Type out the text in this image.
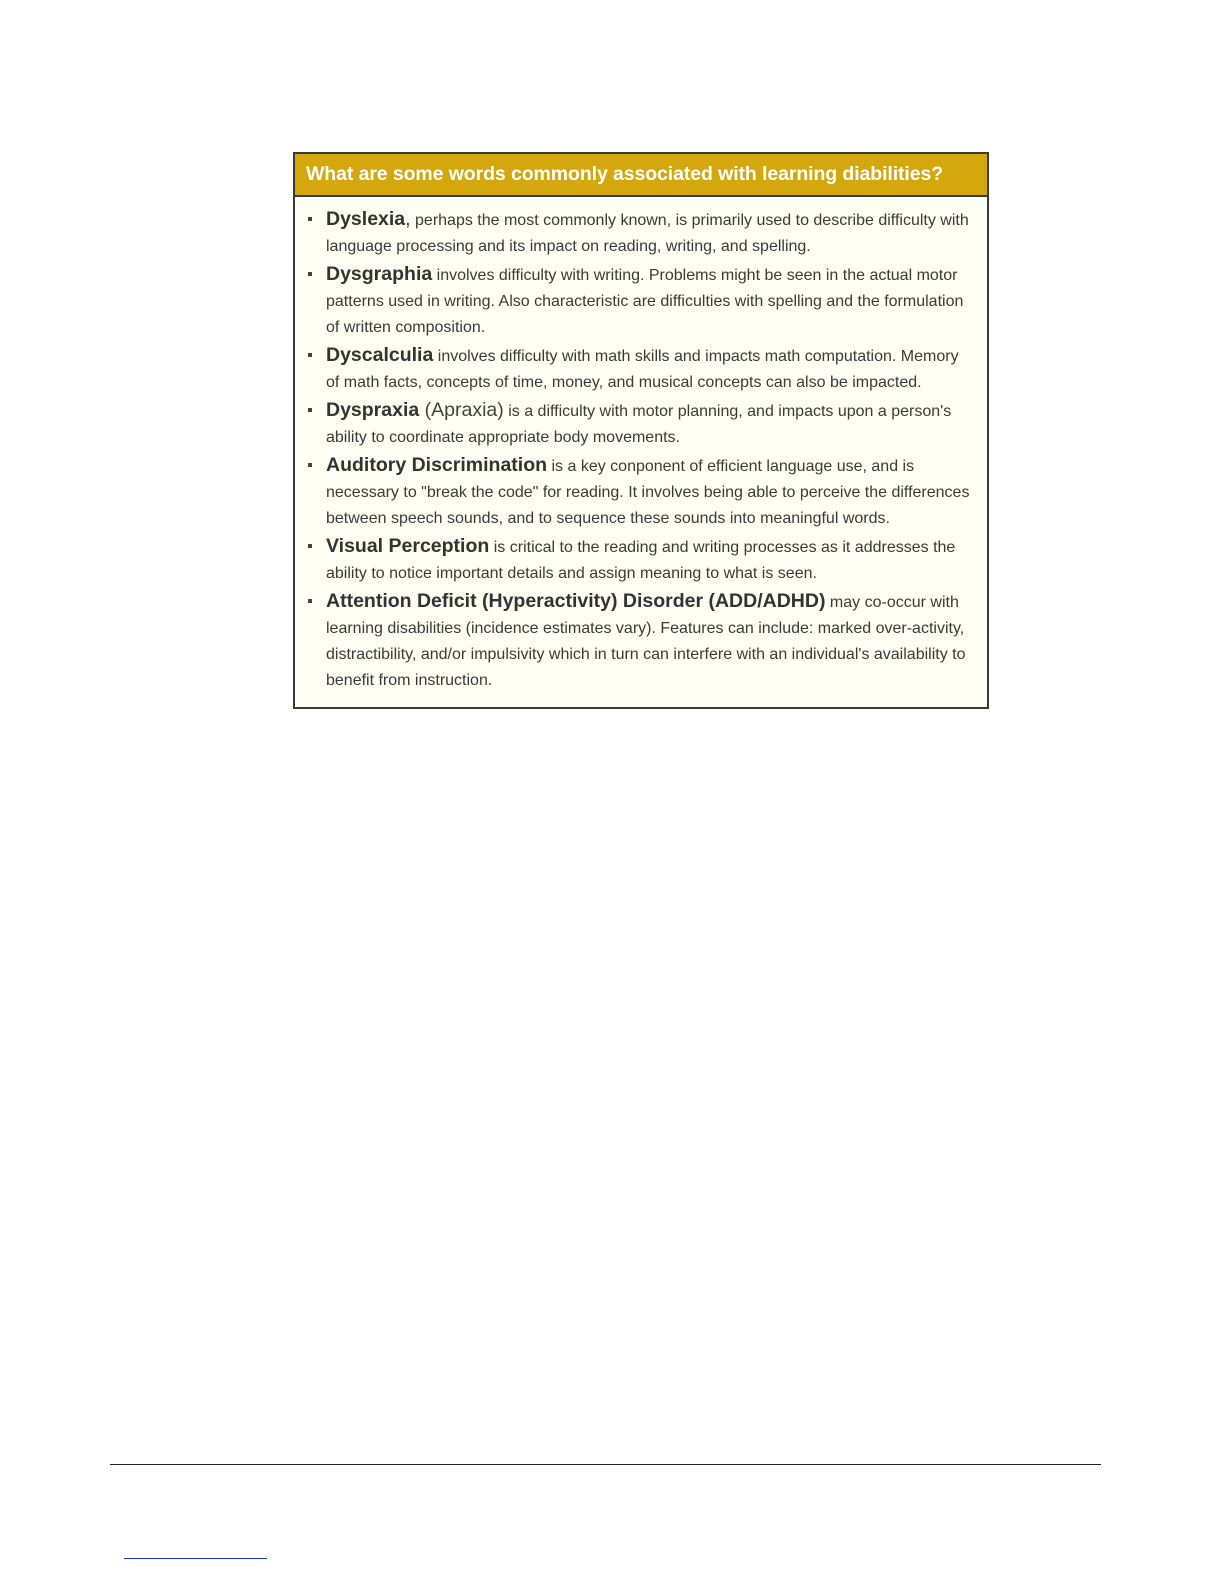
What are some words commonly associated with learning diabilities?
Dyslexia, perhaps the most commonly known, is primarily used to describe difficulty with language processing and its impact on reading, writing, and spelling.
Dysgraphia involves difficulty with writing. Problems might be seen in the actual motor patterns used in writing. Also characteristic are difficulties with spelling and the formulation of written composition.
Dyscalculia involves difficulty with math skills and impacts math computation. Memory of math facts, concepts of time, money, and musical concepts can also be impacted.
Dyspraxia (Apraxia) is a difficulty with motor planning, and impacts upon a person's ability to coordinate appropriate body movements.
Auditory Discrimination is a key conponent of efficient language use, and is necessary to "break the code" for reading. It involves being able to perceive the differences between speech sounds, and to sequence these sounds into meaningful words.
Visual Perception is critical to the reading and writing processes as it addresses the ability to notice important details and assign meaning to what is seen.
Attention Deficit (Hyperactivity) Disorder (ADD/ADHD) may co-occur with learning disabilities (incidence estimates vary). Features can include: marked over-activity, distractibility, and/or impulsivity which in turn can interfere with an individual's availability to benefit from instruction.
